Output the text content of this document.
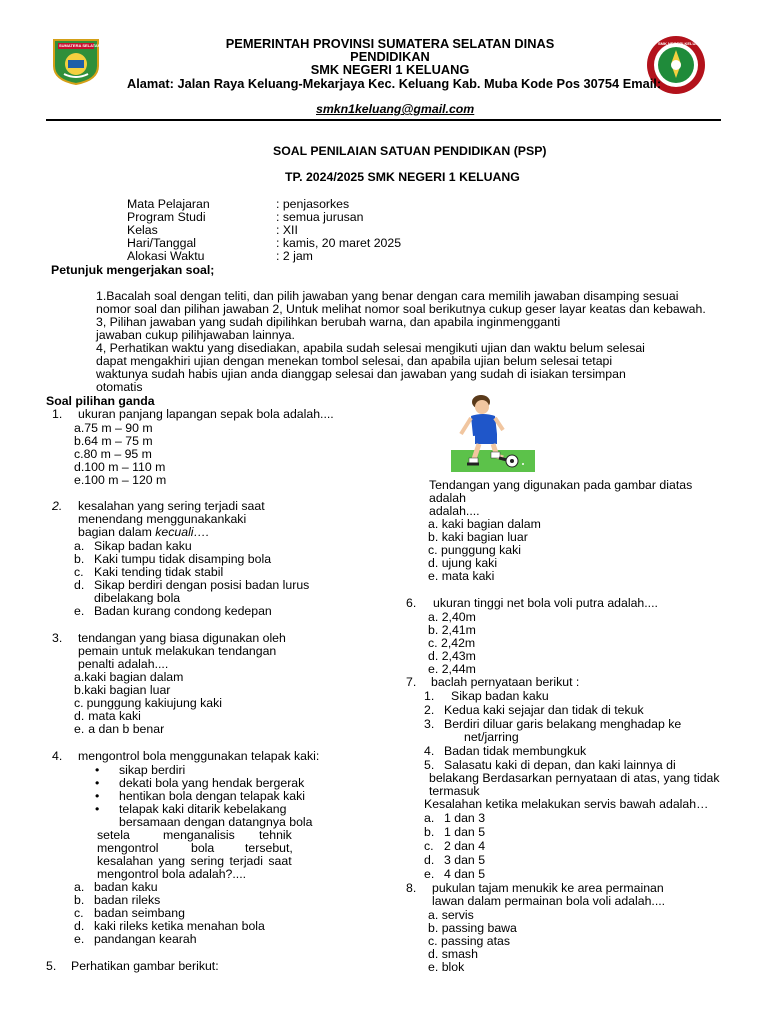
SUMATERA SELATAN	SMK NEGERI KELUANG
PEMERINTAH PROVINSI SUMATERA SELATAN DINAS
PENDIDIKAN
SMK NEGERI 1 KELUANG
Alamat: Jalan Raya Keluang-Mekarjaya Kec. Keluang Kab. Muba Kode Pos 30754 Email:
smkn1keluang@gmail.com
SOAL PENILAIAN SATUAN PENDIDIKAN (PSP)
TP. 2024/2025 SMK NEGERI 1 KELUANG
Mata Pelajaran	: penjasorkes
Program Studi	: semua jurusan
Kelas	: XII
Hari/Tanggal	: kamis, 20 maret 2025
Alokasi Waktu	: 2 jam
Petunjuk mengerjakan soal;
1.Bacalah soal dengan teliti, dan pilih jawaban yang benar dengan cara memilih jawaban disamping sesuai
nomor soal dan pilihan jawaban 2, Untuk melihat nomor soal berikutnya cukup geser layar keatas dan kebawah.
3, Pilihan jawaban yang sudah dipilihkan berubah warna, dan apabila inginmengganti
jawaban cukup pilihjawaban lainnya.
4, Perhatikan waktu yang disediakan, apabila sudah selesai mengikuti ujian dan waktu belum selesai
dapat mengakhiri ujian dengan menekan tombol selesai, dan apabila ujian belum selesai tetapi
waktunya sudah habis ujian anda dianggap selesai dan jawaban yang sudah di isiakan tersimpan
otomatis
Soal pilihan ganda
1. ukuran panjang lapangan sepak bola adalah....
a.75 m – 90 m
b.64 m – 75 m
c.80 m – 95 m
d.100 m – 110 m
e.100 m – 120 m
2. kesalahan yang sering terjadi saat
menendang menggunakankaki
bagian dalam kecuali….
a. Sikap badan kaku
b. Kaki tumpu tidak disamping bola
c. Kaki tending tidak stabil
d. Sikap berdiri dengan posisi badan lurus
dibelakang bola
e. Badan kurang condong kedepan
3. tendangan yang biasa digunakan oleh
pemain untuk melakukan tendangan
penalti adalah....
a.kaki bagian dalam
b.kaki bagian luar
c. punggung kakiujung kaki
d. mata kaki
e. a dan b benar
4. mengontrol bola menggunakan telapak kaki:
• sikap berdiri
• dekati bola yang hendak bergerak
• hentikan bola dengan telapak kaki
• telapak kaki ditarik kebelakang
bersamaan dengan datangnya bola
setela	menganalisis tehnik
mengontrol	bola	tersebut,
kesalahan yang sering terjadi saat
mengontrol bola adalah?....
a. badan kaku
b. badan rileks
c. badan seimbang
d. kaki rileks ketika menahan bola
e. pandangan kearah
5. Perhatikan gambar berikut:
Tendangan yang digunakan pada gambar diatas
adalah
adalah....
a. kaki bagian dalam
b. kaki bagian luar
c. punggung kaki
d. ujung kaki
e. mata kaki
6. ukuran tinggi net bola voli putra adalah....
a. 2,40m
b. 2,41m
c. 2,42m
d. 2,43m
e. 2,44m
7. baclah pernyataan berikut :
1. Sikap badan kaku
2. Kedua kaki sejajar dan tidak di tekuk
3. Berdiri diluar garis belakang menghadap ke
net/jarring
4. Badan tidak membungkuk
5. Salasatu kaki di depan, dan kaki lainnya di
belakang Berdasarkan pernyataan di atas, yang tidak
termasuk
Kesalahan ketika melakukan servis bawah adalah…
a. 1 dan 3
b. 1 dan 5
c. 2 dan 4
d. 3 dan 5
e. 4 dan 5
8. pukulan tajam menukik ke area permainan
lawan dalam permainan bola voli adalah....
a. servis
b. passing bawa
c. passing atas
d. smash
e. blok
